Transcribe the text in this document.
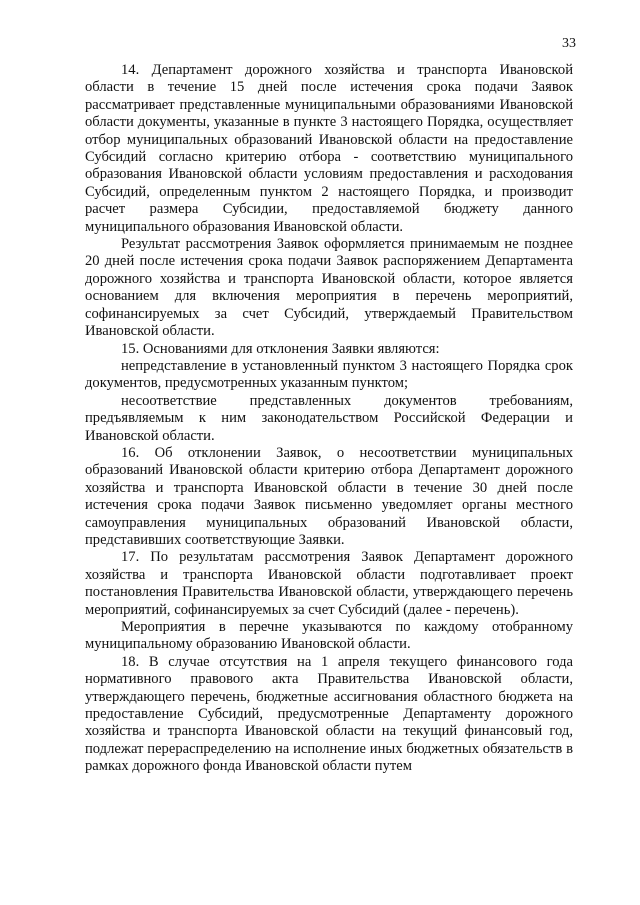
33

14. Департамент дорожного хозяйства и транспорта Ивановской области в течение 15 дней после истечения срока подачи Заявок рассматривает представленные муниципальными образованиями Ивановской области документы, указанные в пункте 3 настоящего Порядка, осуществляет отбор муниципальных образований Ивановской области на предоставление Субсидий согласно критерию отбора - соответствию муниципального образования Ивановской области условиям предоставления и расходования Субсидий, определенным пунктом 2 настоящего Порядка, и производит расчет размера Субсидии, предоставляемой бюджету данного муниципального образования Ивановской области.

Результат рассмотрения Заявок оформляется принимаемым не позднее 20 дней после истечения срока подачи Заявок распоряжением Департамента дорожного хозяйства и транспорта Ивановской области, которое является основанием для включения мероприятия в перечень мероприятий, софинансируемых за счет Субсидий, утверждаемый Правительством Ивановской области.

15. Основаниями для отклонения Заявки являются:

непредставление в установленный пунктом 3 настоящего Порядка срок документов, предусмотренных указанным пунктом;

несоответствие представленных документов требованиям, предъявляемым к ним законодательством Российской Федерации и Ивановской области.

16. Об отклонении Заявок, о несоответствии муниципальных образований Ивановской области критерию отбора Департамент дорожного хозяйства и транспорта Ивановской области в течение 30 дней после истечения срока подачи Заявок письменно уведомляет органы местного самоуправления муниципальных образований Ивановской области, представивших соответствующие Заявки.

17. По результатам рассмотрения Заявок Департамент дорожного хозяйства и транспорта Ивановской области подготавливает проект постановления Правительства Ивановской области, утверждающего перечень мероприятий, софинансируемых за счет Субсидий (далее - перечень).

Мероприятия в перечне указываются по каждому отобранному муниципальному образованию Ивановской области.

18. В случае отсутствия на 1 апреля текущего финансового года нормативного правового акта Правительства Ивановской области, утверждающего перечень, бюджетные ассигнования областного бюджета на предоставление Субсидий, предусмотренные Департаменту дорожного хозяйства и транспорта Ивановской области на текущий финансовый год, подлежат перераспределению на исполнение иных бюджетных обязательств в рамках дорожного фонда Ивановской области путем
